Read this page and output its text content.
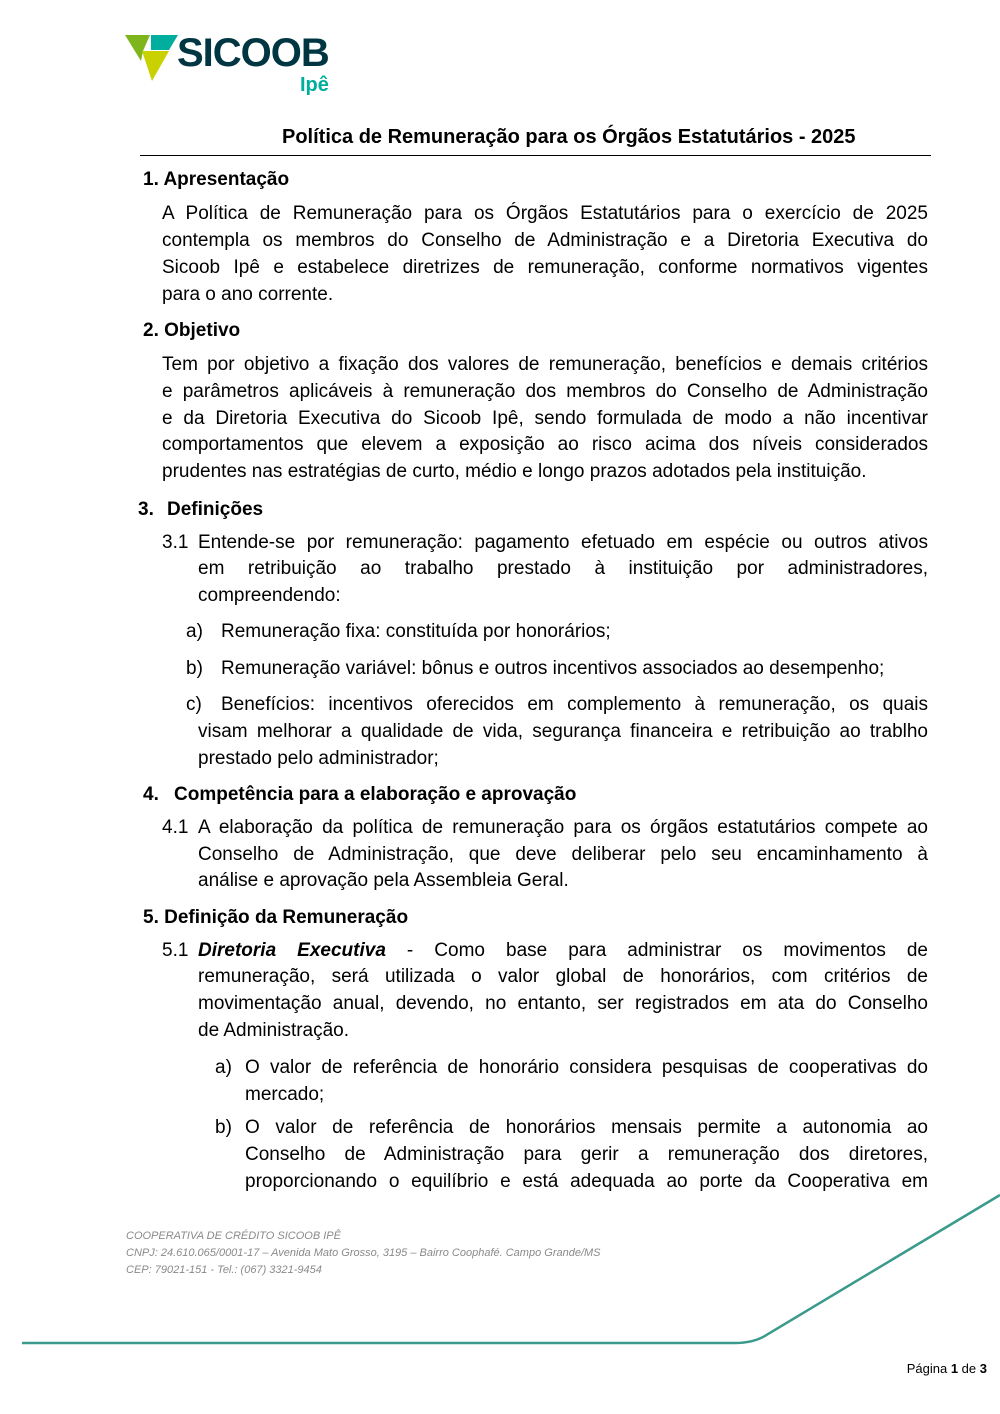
SICOOB
Ipê
Política de Remuneração para os Órgãos Estatutários - 2025
1. Apresentação
A Política de Remuneração para os Órgãos Estatutários para o exercício de 2025
contempla os membros do Conselho de Administração e a Diretoria Executiva do
Sicoob Ipê e estabelece diretrizes de remuneração, conforme normativos vigentes
para o ano corrente.
2. Objetivo
Tem por objetivo a fixação dos valores de remuneração, benefícios e demais critérios
e parâmetros aplicáveis à remuneração dos membros do Conselho de Administração
e da Diretoria Executiva do Sicoob Ipê, sendo formulada de modo a não incentivar
comportamentos que elevem a exposição ao risco acima dos níveis considerados
prudentes nas estratégias de curto, médio e longo prazos adotados pela instituição.
3. Definições
3.1 Entende-se por remuneração: pagamento efetuado em espécie ou outros ativos
em retribuição ao trabalho prestado à instituição por administradores,
compreendendo:
a) Remuneração fixa: constituída por honorários;
b) Remuneração variável: bônus e outros incentivos associados ao desempenho;
c) Benefícios: incentivos oferecidos em complemento à remuneração, os quais
visam melhorar a qualidade de vida, segurança financeira e retribuição ao trablho
prestado pelo administrador;
4. Competência para a elaboração e aprovação
4.1 A elaboração da política de remuneração para os órgãos estatutários compete ao
Conselho de Administração, que deve deliberar pelo seu encaminhamento à
análise e aprovação pela Assembleia Geral.
5. Definição da Remuneração
5.1 Diretoria Executiva - Como base para administrar os movimentos de
remuneração, será utilizada o valor global de honorários, com critérios de
movimentação anual, devendo, no entanto, ser registrados em ata do Conselho
de Administração.
a) O valor de referência de honorário considera pesquisas de cooperativas do
mercado;
b) O valor de referência de honorários mensais permite a autonomia ao
Conselho de Administração para gerir a remuneração dos diretores,
proporcionando o equilíbrio e está adequada ao porte da Cooperativa em
COOPERATIVA DE CRÉDITO SICOOB IPÊ
CNPJ: 24.610.065/0001-17 – Avenida Mato Grosso, 3195 – Bairro Coophafé. Campo Grande/MS
CEP: 79021-151 - Tel.: (067) 3321-9454
Página 1 de 3
